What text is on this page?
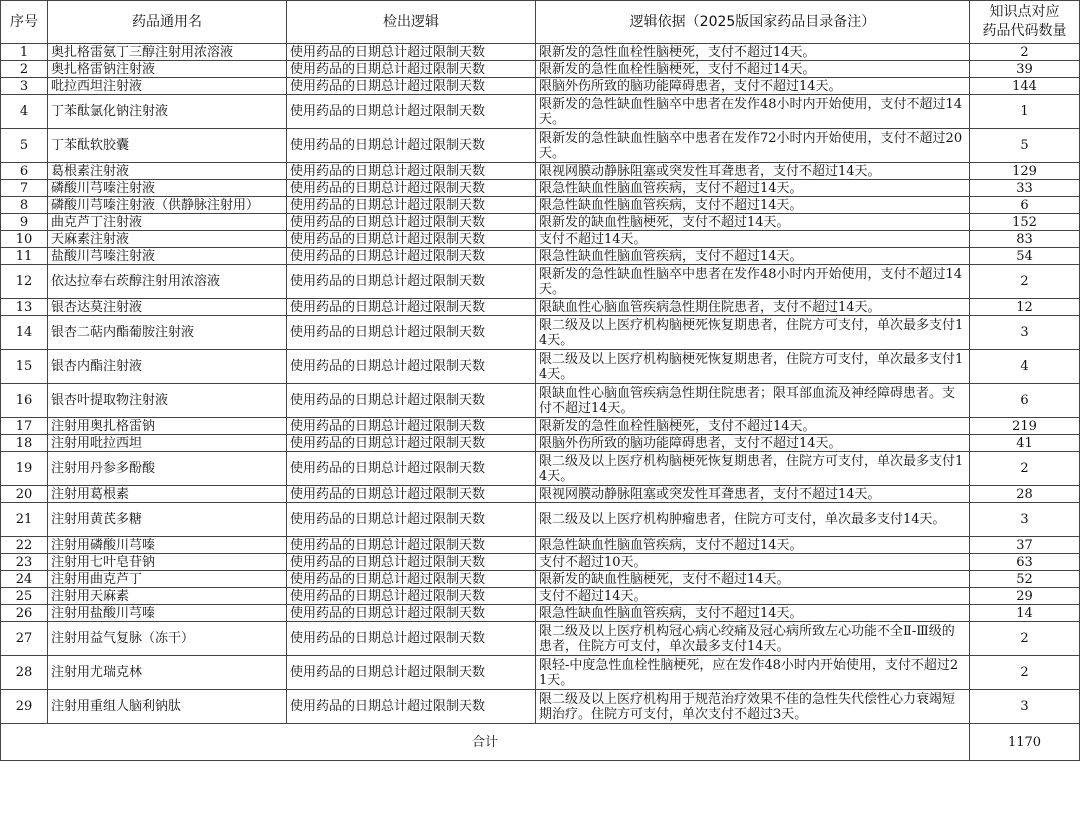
序号	药品通用名	检出逻辑	逻辑依据（2025版国家药品目录备注）	知识点对应
药品代码数量
1	奥扎格雷氨丁三醇注射用浓溶液	使用药品的日期总计超过限制天数	限新发的急性血栓性脑梗死，支付不超过14天。	2
2	奥扎格雷钠注射液	使用药品的日期总计超过限制天数	限新发的急性血栓性脑梗死，支付不超过14天。	39
3	吡拉西坦注射液	使用药品的日期总计超过限制天数	限脑外伤所致的脑功能障碍患者，支付不超过14天。	144
4	丁苯酞氯化钠注射液	使用药品的日期总计超过限制天数	限新发的急性缺血性脑卒中患者在发作48小时内开始使用，支付不超过14天。	1
5	丁苯酞软胶囊	使用药品的日期总计超过限制天数	限新发的急性缺血性脑卒中患者在发作72小时内开始使用，支付不超过20天。	5
6	葛根素注射液	使用药品的日期总计超过限制天数	限视网膜动静脉阻塞或突发性耳聋患者，支付不超过14天。	129
7	磷酸川芎嗪注射液	使用药品的日期总计超过限制天数	限急性缺血性脑血管疾病，支付不超过14天。	33
8	磷酸川芎嗪注射液（供静脉注射用）	使用药品的日期总计超过限制天数	限急性缺血性脑血管疾病，支付不超过14天。	6
9	曲克芦丁注射液	使用药品的日期总计超过限制天数	限新发的缺血性脑梗死，支付不超过14天。	152
10	天麻素注射液	使用药品的日期总计超过限制天数	支付不超过14天。	83
11	盐酸川芎嗪注射液	使用药品的日期总计超过限制天数	限急性缺血性脑血管疾病，支付不超过14天。	54
12	依达拉奉右莰醇注射用浓溶液	使用药品的日期总计超过限制天数	限新发的急性缺血性脑卒中患者在发作48小时内开始使用，支付不超过14天。	2
13	银杏达莫注射液	使用药品的日期总计超过限制天数	限缺血性心脑血管疾病急性期住院患者，支付不超过14天。	12
14	银杏二萜内酯葡胺注射液	使用药品的日期总计超过限制天数	限二级及以上医疗机构脑梗死恢复期患者，住院方可支付，单次最多支付14天。	3
15	银杏内酯注射液	使用药品的日期总计超过限制天数	限二级及以上医疗机构脑梗死恢复期患者，住院方可支付，单次最多支付14天。	4
16	银杏叶提取物注射液	使用药品的日期总计超过限制天数	限缺血性心脑血管疾病急性期住院患者；限耳部血流及神经障碍患者。支付不超过14天。	6
17	注射用奥扎格雷钠	使用药品的日期总计超过限制天数	限新发的急性血栓性脑梗死，支付不超过14天。	219
18	注射用吡拉西坦	使用药品的日期总计超过限制天数	限脑外伤所致的脑功能障碍患者，支付不超过14天。	41
19	注射用丹参多酚酸	使用药品的日期总计超过限制天数	限二级及以上医疗机构脑梗死恢复期患者，住院方可支付，单次最多支付14天。	2
20	注射用葛根素	使用药品的日期总计超过限制天数	限视网膜动静脉阻塞或突发性耳聋患者，支付不超过14天。	28
21	注射用黄芪多糖	使用药品的日期总计超过限制天数	限二级及以上医疗机构肿瘤患者，住院方可支付，单次最多支付14天。	3
22	注射用磷酸川芎嗪	使用药品的日期总计超过限制天数	限急性缺血性脑血管疾病，支付不超过14天。	37
23	注射用七叶皂苷钠	使用药品的日期总计超过限制天数	支付不超过10天。	63
24	注射用曲克芦丁	使用药品的日期总计超过限制天数	限新发的缺血性脑梗死，支付不超过14天。	52
25	注射用天麻素	使用药品的日期总计超过限制天数	支付不超过14天。	29
26	注射用盐酸川芎嗪	使用药品的日期总计超过限制天数	限急性缺血性脑血管疾病，支付不超过14天。	14
27	注射用益气复脉（冻干）	使用药品的日期总计超过限制天数	限二级及以上医疗机构冠心病心绞痛及冠心病所致左心功能不全Ⅱ-Ⅲ级的患者，住院方可支付，单次最多支付14天。	2
28	注射用尤瑞克林	使用药品的日期总计超过限制天数	限轻-中度急性血栓性脑梗死，应在发作48小时内开始使用，支付不超过21天。	2
29	注射用重组人脑利钠肽	使用药品的日期总计超过限制天数	限二级及以上医疗机构用于规范治疗效果不佳的急性失代偿性心力衰竭短期治疗。住院方可支付，单次支付不超过3天。	3
合计				1170
